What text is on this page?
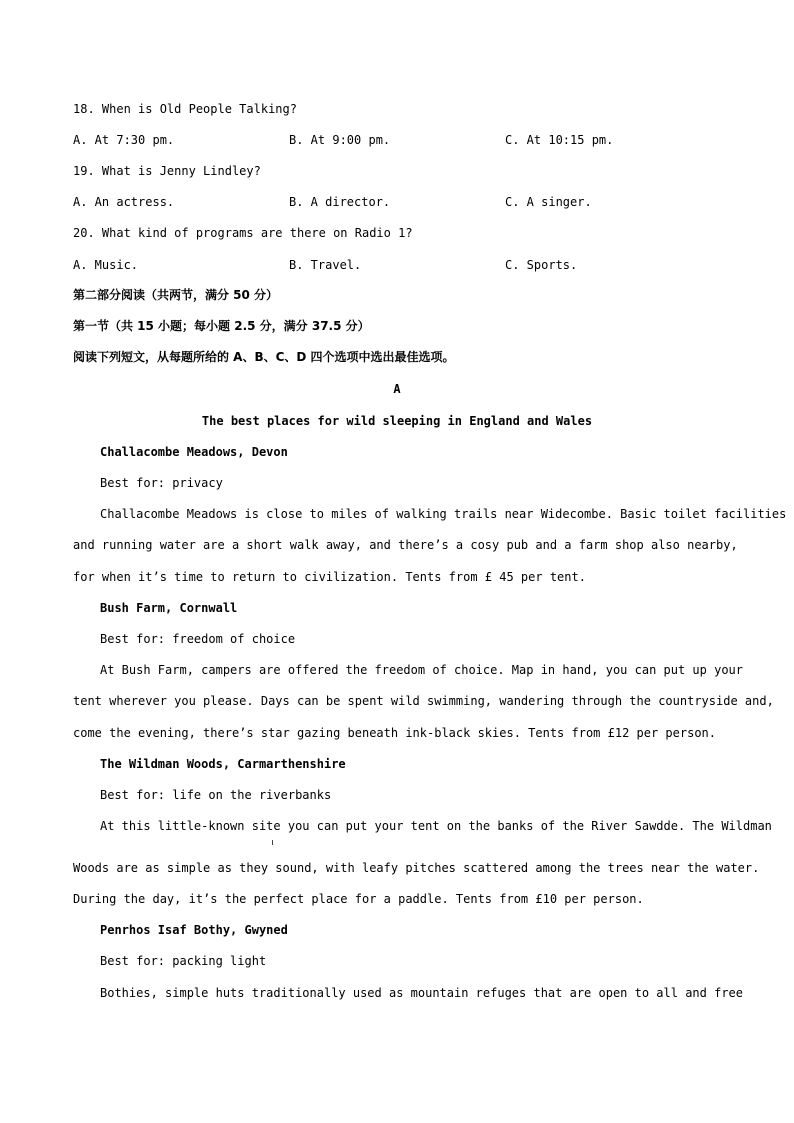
18. When is Old People Talking?
A. At 7:30 pm.	B. At 9:00 pm.	C. At 10:15 pm.
19. What is Jenny Lindley?
A. An actress.	B. A director.	C. A singer.
20. What kind of programs are there on Radio 1?
A. Music.	B. Travel.	C. Sports.
第二部分阅读（共两节，满分 50 分）
第一节（共 15 小题；每小题 2.5 分，满分 37.5 分）
阅读下列短文，从每题所给的 A、B、C、D 四个选项中选出最佳选项。
A
The best places for wild sleeping in England and Wales
Challacombe Meadows, Devon
Best for: privacy
Challacombe Meadows is close to miles of walking trails near Widecombe. Basic toilet facilities
and running water are a short walk away, and there’s a cosy pub and a farm shop also nearby,
for when it’s time to return to civilization. Tents from £ 45 per tent.
Bush Farm, Cornwall
Best for: freedom of choice
At Bush Farm, campers are offered the freedom of choice. Map in hand, you can put up your
tent wherever you please. Days can be spent wild swimming, wandering through the countryside and,
come the evening, there’s star gazing beneath ink-black skies. Tents from £12 per person.
The Wildman Woods, Carmarthenshire
Best for: life on the riverbanks
At this little-known site you can put your tent on the banks of the River Sawdde. The Wildman
Woods are as simple as they sound, with leafy pitches scattered among the trees near the water.
During the day, it’s the perfect place for a paddle. Tents from £10 per person.
Penrhos Isaf Bothy, Gwyned
Best for: packing light
Bothies, simple huts traditionally used as mountain refuges that are open to all and free
